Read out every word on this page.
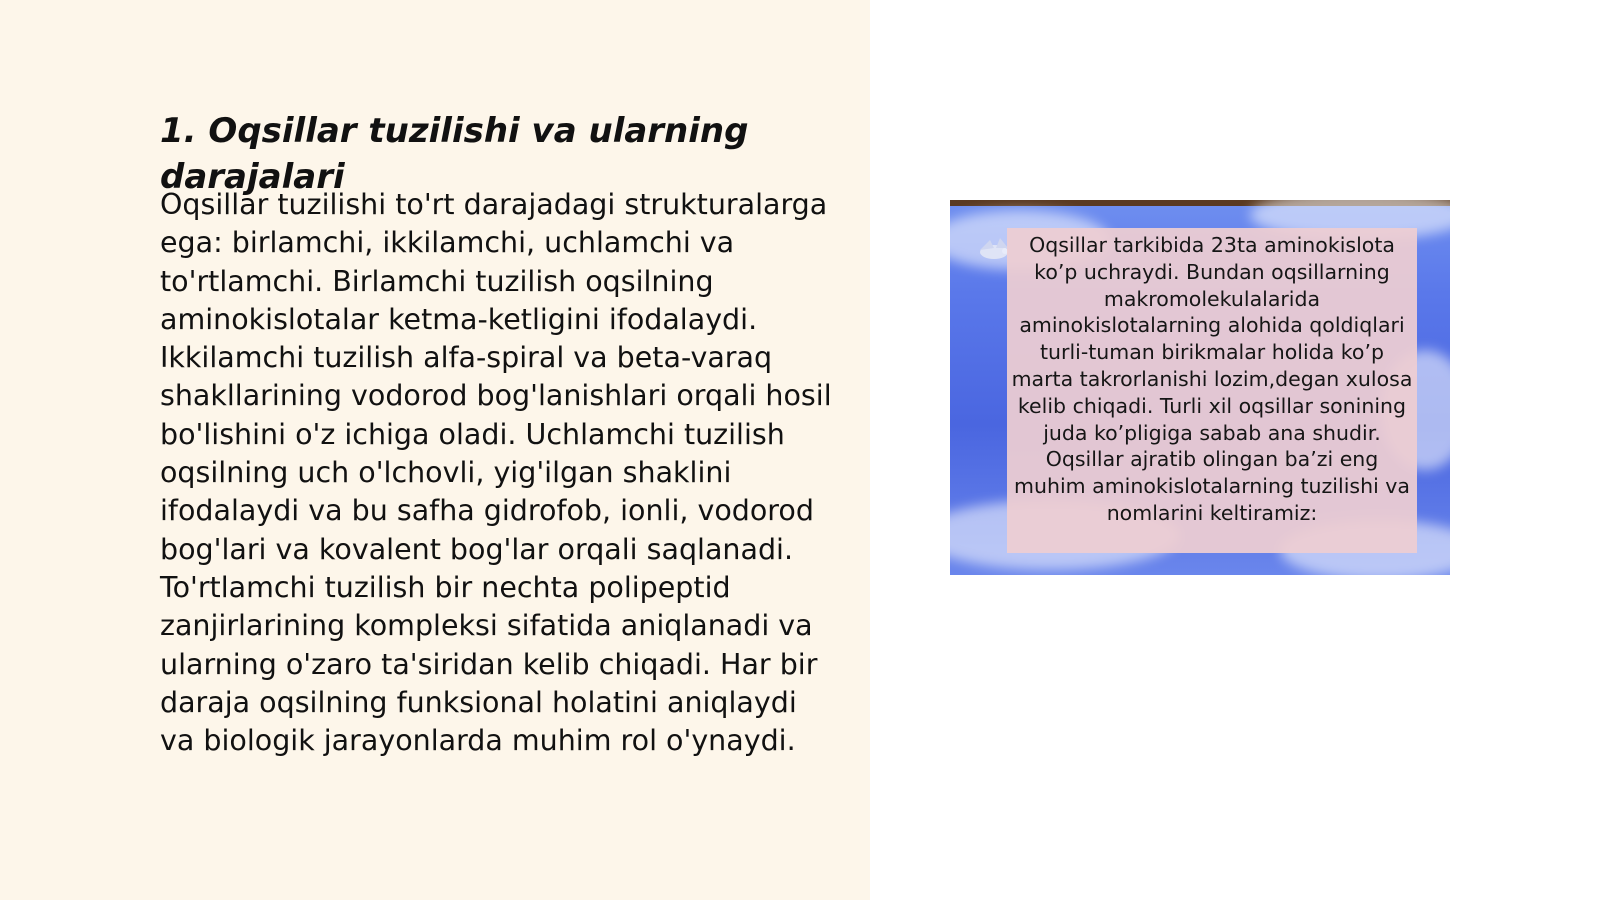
1. Oqsillar tuzilishi va ularning darajalari

Oqsillar tuzilishi to'rt darajadagi strukturalarga ega: birlamchi, ikkilamchi, uchlamchi va to'rtlamchi. Birlamchi tuzilish oqsilning aminokislotalar ketma-ketligini ifodalaydi. Ikkilamchi tuzilish alfa-spiral va beta-varaq shakllarining vodorod bog'lanishlari orqali hosil bo'lishini o'z ichiga oladi. Uchlamchi tuzilish oqsilning uch o'lchovli, yig'ilgan shaklini ifodalaydi va bu safha gidrofob, ionli, vodorod bog'lari va kovalent bog'lar orqali saqlanadi. To'rtlamchi tuzilish bir nechta polipeptid zanjirlarining kompleksi sifatida aniqlanadi va ularning o'zaro ta'siridan kelib chiqadi. Har bir daraja oqsilning funksional holatini aniqlaydi va biologik jarayonlarda muhim rol o'ynaydi.

Oqsillar tarkibida 23ta aminokislota ko’p uchraydi. Bundan oqsillarning makromolekulalarida aminokislotalarning alohida qoldiqlari turli-tuman birikmalar holida ko’p marta takrorlanishi lozim,degan xulosa kelib chiqadi. Turli xil oqsillar sonining juda ko’pligiga sabab ana shudir. Oqsillar ajratib olingan ba’zi eng muhim aminokislotalarning tuzilishi va nomlarini keltiramiz:
